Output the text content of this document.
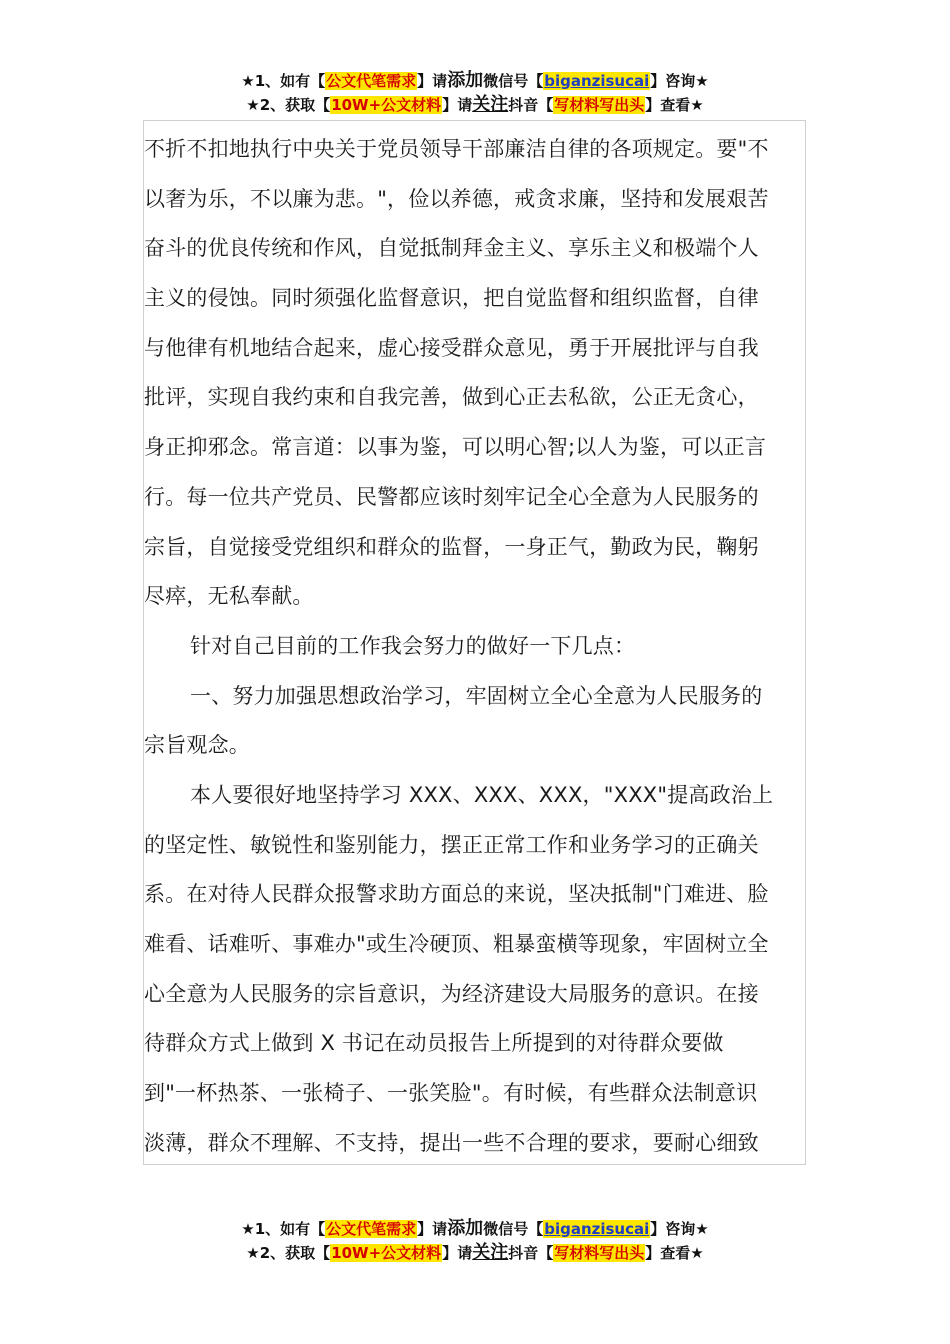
★1、如有【公文代笔需求】请添加微信号【biganzisucai】咨询★
★2、获取【10W+公文材料】请关注抖音【写材料写出头】查看★
不折不扣地执行中央关于党员领导干部廉洁自律的各项规定。要"不
以奢为乐，不以廉为悲。"，俭以养德，戒贪求廉，坚持和发展艰苦
奋斗的优良传统和作风，自觉抵制拜金主义、享乐主义和极端个人
主义的侵蚀。同时须强化监督意识，把自觉监督和组织监督，自律
与他律有机地结合起来，虚心接受群众意见，勇于开展批评与自我
批评，实现自我约束和自我完善，做到心正去私欲，公正无贪心，
身正抑邪念。常言道：以事为鉴，可以明心智;以人为鉴，可以正言
行。每一位共产党员、民警都应该时刻牢记全心全意为人民服务的
宗旨，自觉接受党组织和群众的监督，一身正气，勤政为民，鞠躬
尽瘁，无私奉献。
针对自己目前的工作我会努力的做好一下几点：
一、努力加强思想政治学习，牢固树立全心全意为人民服务的
宗旨观念。
本人要很好地坚持学习 XXX、XXX、XXX，"XXX"提高政治上
的坚定性、敏锐性和鉴别能力，摆正正常工作和业务学习的正确关
系。在对待人民群众报警求助方面总的来说，坚决抵制"门难进、脸
难看、话难听、事难办"或生冷硬顶、粗暴蛮横等现象，牢固树立全
心全意为人民服务的宗旨意识，为经济建设大局服务的意识。在接
待群众方式上做到 X 书记在动员报告上所提到的对待群众要做
到"一杯热茶、一张椅子、一张笑脸"。有时候，有些群众法制意识
淡薄，群众不理解、不支持，提出一些不合理的要求，要耐心细致
★1、如有【公文代笔需求】请添加微信号【biganzisucai】咨询★
★2、获取【10W+公文材料】请关注抖音【写材料写出头】查看★
